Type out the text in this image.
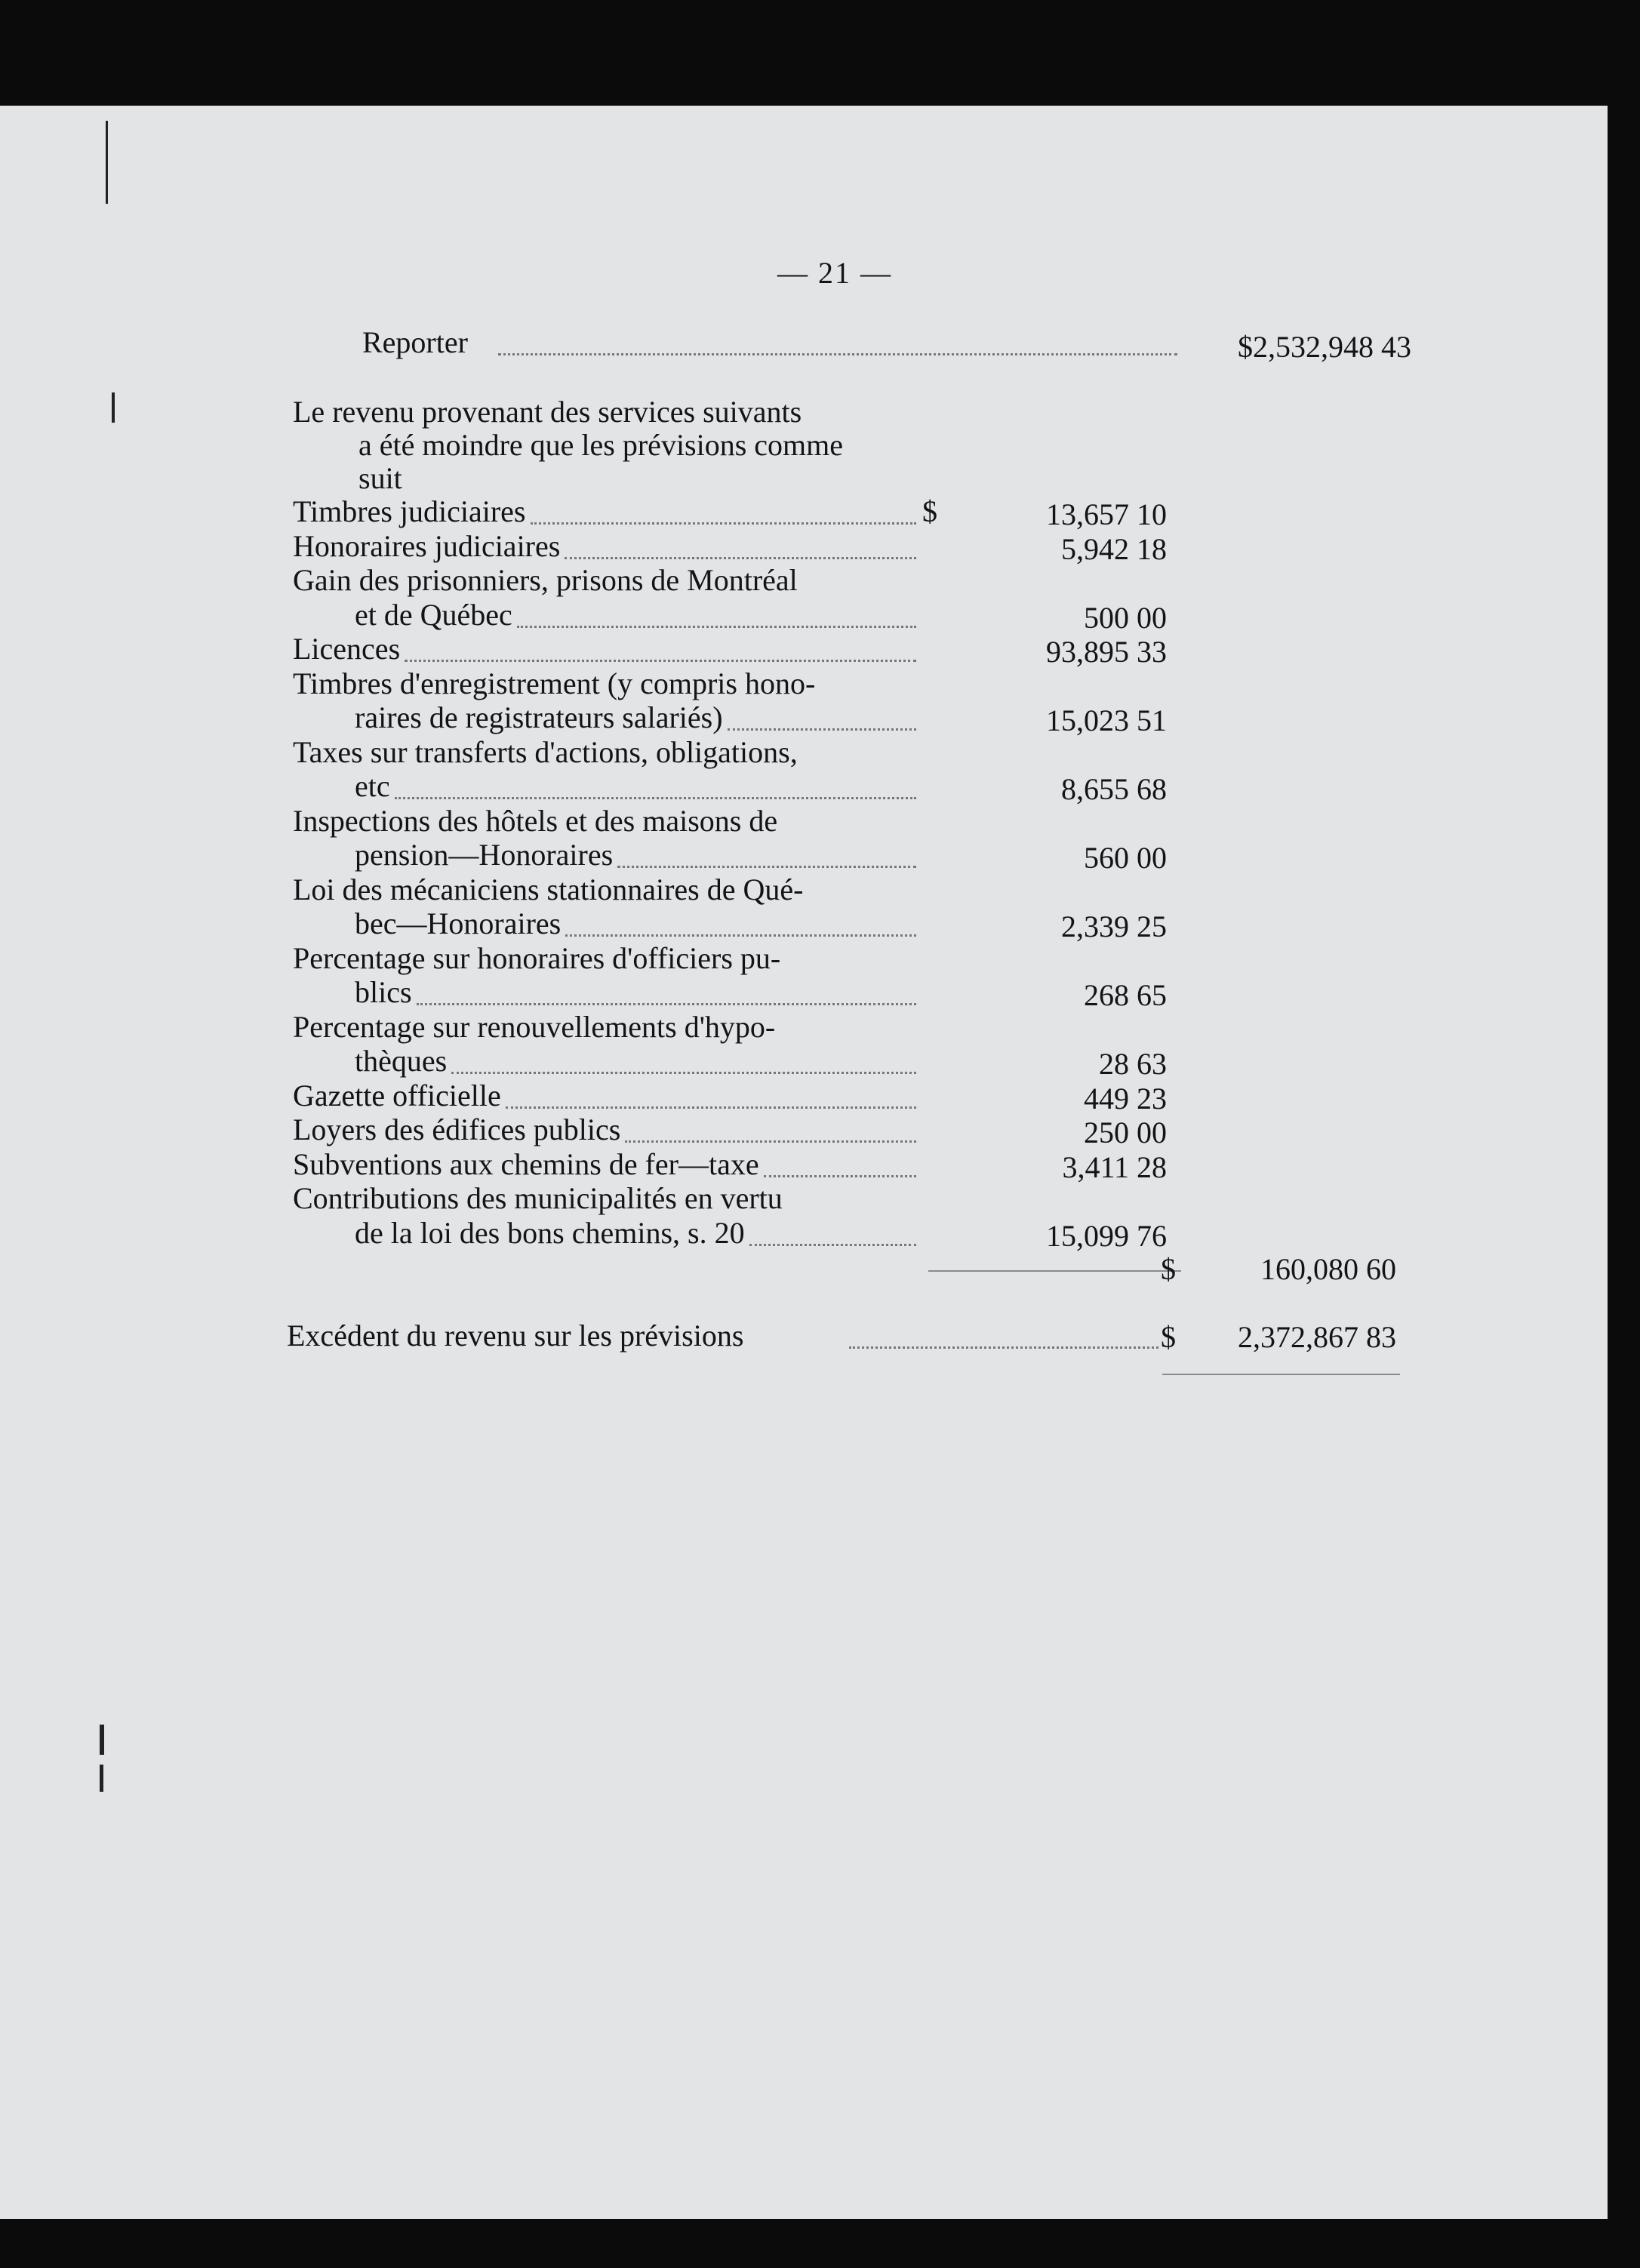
— 21 —
Reporter	$2,532,948 43
Le revenu provenant des services suivants
a été moindre que les prévisions comme
suit
Timbres judiciaires	13,657 10
$
Honoraires judiciaires	5,942 18
Gain des prisonniers, prisons de Montréal
et de Québec	500 00
Licences	93,895 33
Timbres d'enregistrement (y compris hono-
raires de registrateurs salariés)	15,023 51
Taxes sur transferts d'actions, obligations,
etc	8,655 68
Inspections des hôtels et des maisons de
pension—Honoraires	560 00
Loi des mécaniciens stationnaires de Qué-
bec—Honoraires	2,339 25
Percentage sur honoraires d'officiers pu-
blics	268 65
Percentage sur renouvellements d'hypo-
thèques	28 63
Gazette officielle	449 23
Loyers des édifices publics	250 00
Subventions aux chemins de fer—taxe	3,411 28
Contributions des municipalités en vertu
de la loi des bons chemins, s. 20	15,099 76
$	160,080 60
Excédent du revenu sur les prévisions	$	2,372,867 83
